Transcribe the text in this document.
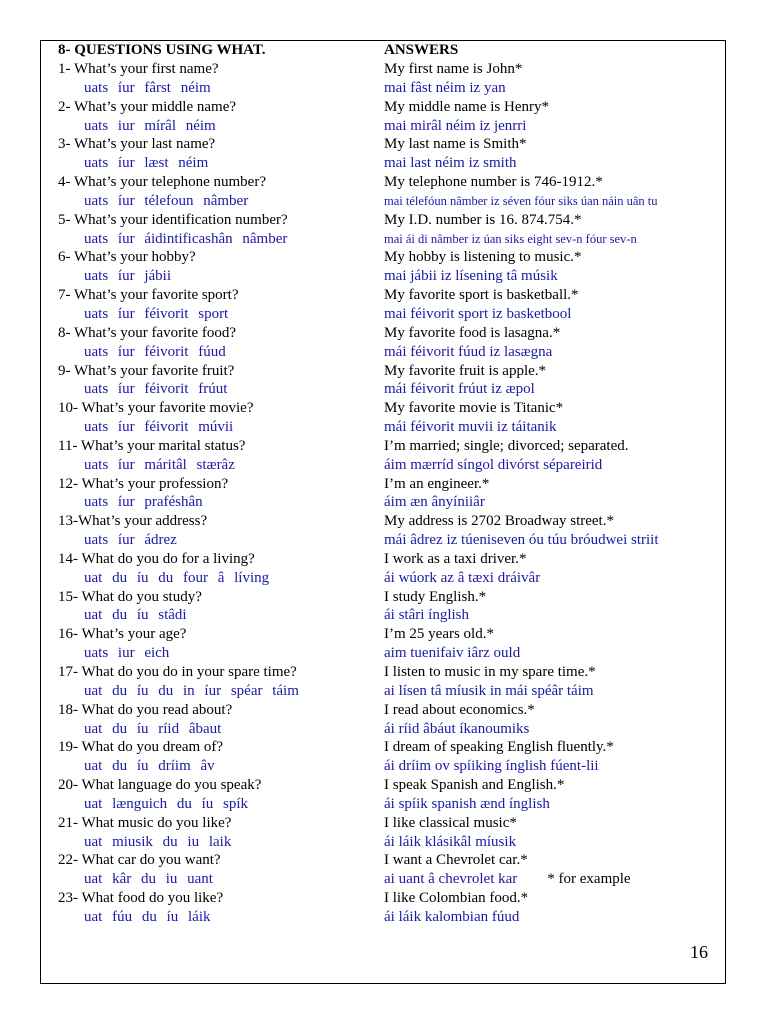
8- QUESTIONS USING WHAT.
1- What’s your first name?
uats íur fârst néim
2- What’s your middle name?
uats iur mírâl néim
3- What’s your last name?
uats íur læst néim
4- What’s your telephone number?
uats íur télefoun nâmber
5- What’s your identification number?
uats íur áidintificashân nâmber
6- What’s your hobby?
uats íur jábii
7- What’s your favorite sport?
uats íur féivorit sport
8- What’s your favorite food?
uats íur féivorit fúud
9- What’s your favorite fruit?
uats íur féivorit frúut
10- What’s your favorite movie?
uats íur féivorit múvii
11- What’s your marital status?
uats íur máritâl stærâz
12- What’s your profession?
uats íur praféshân
13-What’s your address?
uats íur ádrez
14- What do you do for a living?
uat du íu du four â líving
15- What do you study?
uat du íu stâdi
16- What’s your age?
uats iur eich
17- What do you do in your spare time?
uat du íu du in íur spéar táim
18- What do you read about?
uat du íu ríid âbaut
19- What do you dream of?
uat du íu dríim âv
20- What language do you speak?
uat længuich du íu spík
21- What music do you like?
uat miusik du iu laik
22- What car do you want?
uat kâr du iu uant
23- What food do you like?
uat fúu du íu láik
ANSWERS
My first name is John*
mai fâst néim iz yan
My middle name is Henry*
mai mirâl néim iz jenrri
My last name is Smith*
mai last néim iz smith
My telephone number is 746-1912.*
mai télefóun nâmber iz séven fóur siks úan náin uân tu
My I.D. number is 16. 874.754.*
mai ái di nâmber iz úan siks eight sev-n fóur sev-n
My hobby is listening to music.*
mai jábii iz lísening tâ músik
My favorite sport is basketball.*
mai féivorit sport iz basketbool
My favorite food is lasagna.*
mái féivorit fúud iz lasægna
My favorite fruit is apple.*
mái féivorit frúut iz æpol
My favorite movie is Titanic*
mái féivorit muvii iz táitanik
I’m married; single; divorced; separated.
áim mærríd síngol divórst sépareirid
I’m an engineer.*
áim æn ânyíniiâr
My address is 2702 Broadway street.*
mái âdrez iz túeniseven óu túu bróudwei striit
I work as a taxi driver.*
ái wúork az â tæxi dráivâr
I study English.*
ái stâri ínglish
I’m 25 years old.*
aim tuenifaiv iârz ould
I listen to music in my spare time.*
ai lísen tâ míusik in mái spéâr táim
I read about economics.*
ái ríid âbáut íkanoumiks
I dream of speaking English fluently.*
ái dríim ov spíiking ínglish fúent-lii
I speak Spanish and English.*
ái spíik spanish ænd ínglish
I like classical music*
ái láik klásikâl míusik
I want a Chevrolet car.*
ai uant â chevrolet kar * for example
I like Colombian food.*
ái láik kalombian fúud
16
